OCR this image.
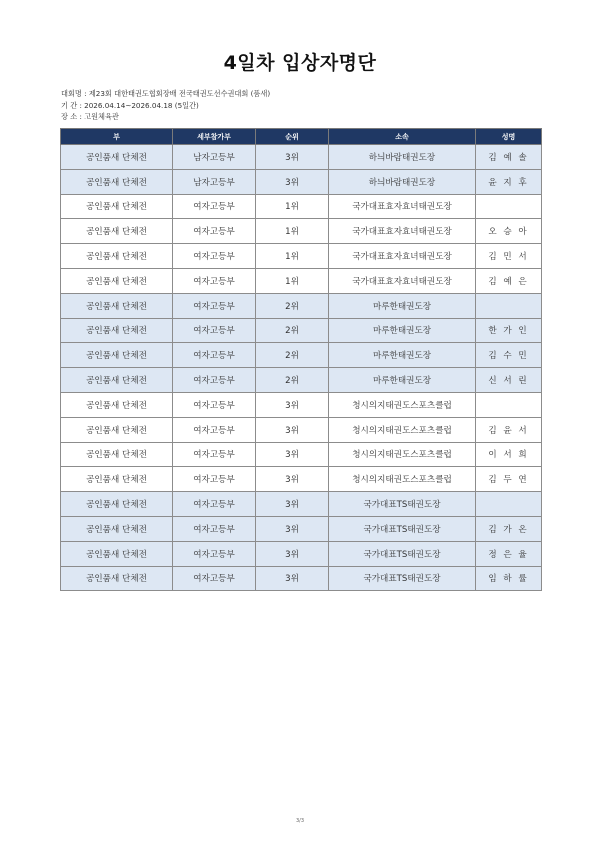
4일차 입상자명단
대회명 : 제23회 대한태권도협회장배 전국태권도선수권대회 (품새)
기 간 : 2026.04.14~2026.04.18 (5일간)
장 소 : 고원체육관
부	세부참가부	순위	소속	성명
공인품새 단체전	남자고등부	3위	하늬바람태권도장	김 예 솔
공인품새 단체전	남자고등부	3위	하늬바람태권도장	윤 지 후
공인품새 단체전	여자고등부	1위	국가대표효자효녀태권도장	
공인품새 단체전	여자고등부	1위	국가대표효자효녀태권도장	오 승 아
공인품새 단체전	여자고등부	1위	국가대표효자효녀태권도장	김 민 서
공인품새 단체전	여자고등부	1위	국가대표효자효녀태권도장	김 예 은
공인품새 단체전	여자고등부	2위	마루한태권도장	
공인품새 단체전	여자고등부	2위	마루한태권도장	한 가 인
공인품새 단체전	여자고등부	2위	마루한태권도장	김 수 민
공인품새 단체전	여자고등부	2위	마루한태권도장	신 서 린
공인품새 단체전	여자고등부	3위	청시의지태권도스포츠클럽	
공인품새 단체전	여자고등부	3위	청시의지태권도스포츠클럽	김 윤 서
공인품새 단체전	여자고등부	3위	청시의지태권도스포츠클럽	이 서 희
공인품새 단체전	여자고등부	3위	청시의지태권도스포츠클럽	김 두 연
공인품새 단체전	여자고등부	3위	국가대표TS태권도장	
공인품새 단체전	여자고등부	3위	국가대표TS태권도장	김 가 온
공인품새 단체전	여자고등부	3위	국가대표TS태권도장	정 은 율
공인품새 단체전	여자고등부	3위	국가대표TS태권도장	임 하 률
3/3
